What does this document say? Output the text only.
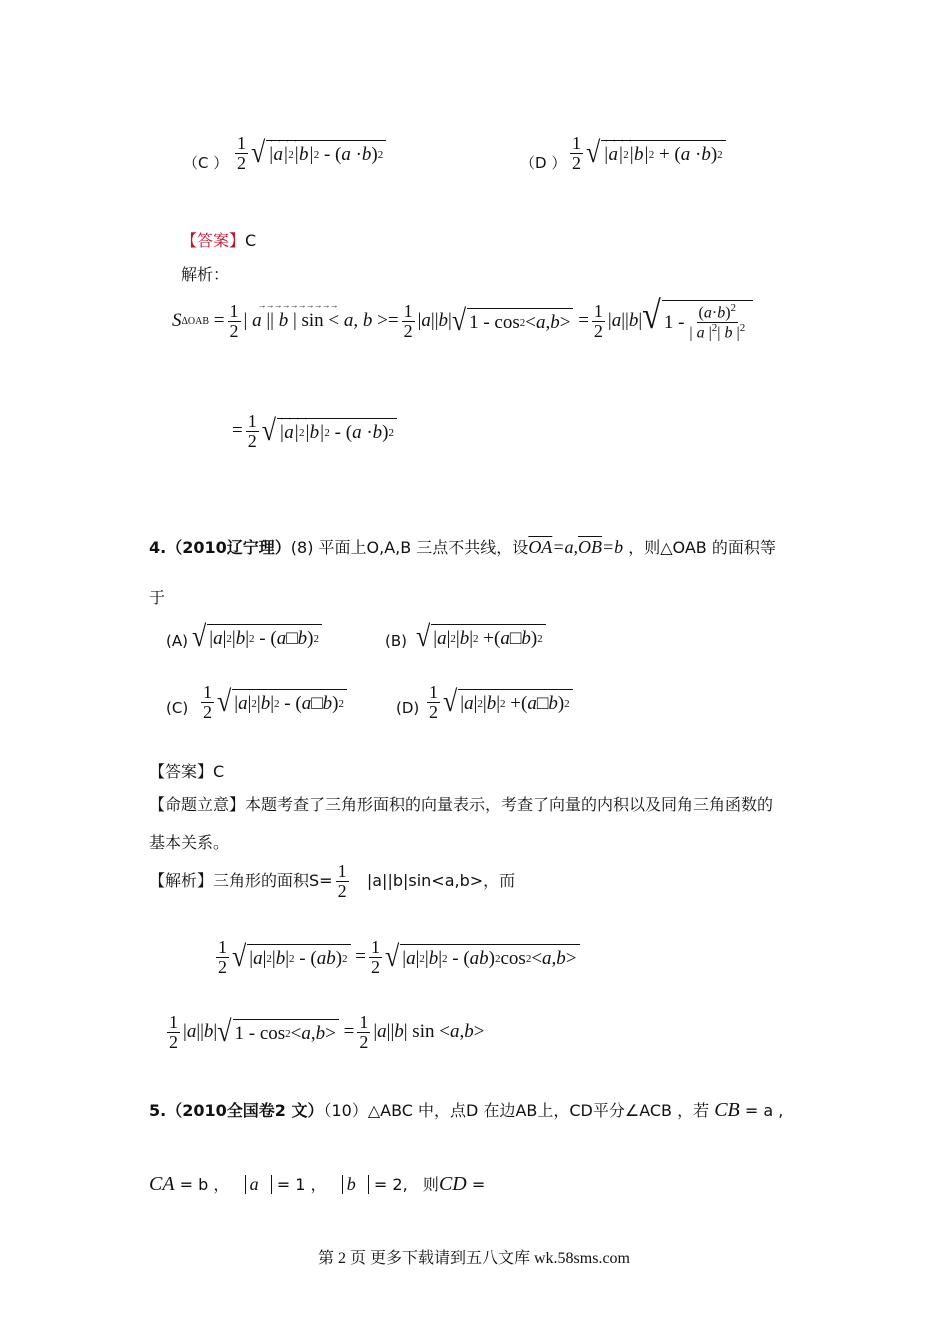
（C ） $\frac{1}{2}$ √ →→→→
|a| 2 |b| 2 - ( a · b ) 2	（D ） $\frac{1}{2}$ √ →→→→
|a| 2 |b| 2 + ( a · b ) 2
【答案】C
解析：
S $\Delta OAB = \frac{1}{2}$ | a || b | sin < a, b >
→→→→→→→→→→
= $\frac{1}{2}$ | a || b | √ 1 - cos 2 < a , b > = $\frac{1}{2}$ | a || b | √ $1 - \frac{(a\cdot b)^2}{| a |^2| b |^2}$
= $\frac{1}{2}$ √ →→→→
|a| 2 |b| 2 - ( a · b ) 2
4.（2010辽宁理）(8) 平面上O,A,B 三点不共线，设$\overline{OA}=a,\overline{OB}=b$ ，则△OAB 的面积等
于
(A) √ | a | 2 | b | 2 - ( a □ b ) 2	(B) √ | a | 2 | b | 2 +( a □ b ) 2
$(C) \frac{1}{2}$ √ | a | 2 | b | 2 - ( a □ b ) 2	$(D) \frac{1}{2}$ √ | a | 2 | b | 2 +( a □ b ) 2
【答案】C
【命题立意】本题考查了三角形面积的向量表示，考查了向量的内积以及同角三角函数的
基本关系。
【解析】三角形的面积$S= \frac{1}{2} |a||b|\sin<a,b>$，而
$\frac{1}{2}$ √ | a | 2 | b | 2 - ( ab ) $2 = \frac{1}{2}$ √ | a | 2 | b | 2 - ( ab ) 2 cos 2 < a , b >
$\frac{1}{2}$ | a || b | √ 1 - cos 2 < a , b > = $\frac{1}{2}$ | a || b | sin < a , b >
5.（2010全国卷2 文）（10）△ABC 中，点D 在边AB上，CD平分∠ACB ，若 CB = a ,
CA = b ， a = 1 ， b = 2, 则CD =
第 2 页 更多下载请到五八文库 wk.58sms.com
